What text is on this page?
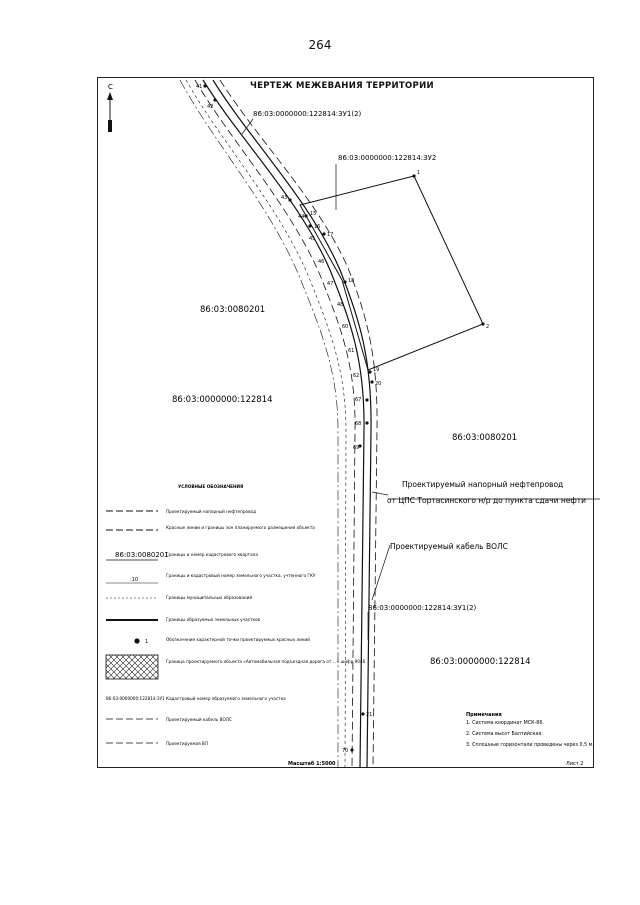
264
ЧЕРТЕЖ МЕЖЕВАНИЯ ТЕРРИТОРИИ
С
1
2
15
16
17
18
19
20
21
41
42
43
44
45
46
47
48
60
61
62
67
68
69
70
86:03:0000000:122814:ЗУ1(2)
86:03:0000000:122814:ЗУ2
86:03:0080201
86:03:0000000:122814
86:03:0080201
Проектируемый напорный нефтепровод
от ЦПС Тортасинского н/р до пункта сдачи нефти
Проектируемый кабель ВОЛС
86:03:0000000:122814:ЗУ1(2)
86:03:0000000:122814
УСЛОВНЫЕ ОБОЗНАЧЕНИЯ
Проектируемый напорный нефтепровод
Красные линии и границы зон планируемого размещения объекта
86:03:0080201
Границы и номер кадастрового квартала
:10
Границы и кадастровый номер земельного участка, учтенного ГКУ
Границы муниципальных образований
Границы образуемых земельных участков
1	Обозначение характерной точки проектируемых красных линий
Граница проектируемого объекта «Автомобильная подъездная дорога от ...» шифр 9046
86:03:0000000:122814:ЗУ1 Кадастровый номер образуемого земельного участка
Проектируемый кабель ВОЛС
Проектируемая ВЛ
Примечания
1. Система координат МСК-86.
2. Система высот Балтийская.
3. Сплошные горизонтали проведены через 0,5 м.
Масштаб 1:5000	Лист 2
